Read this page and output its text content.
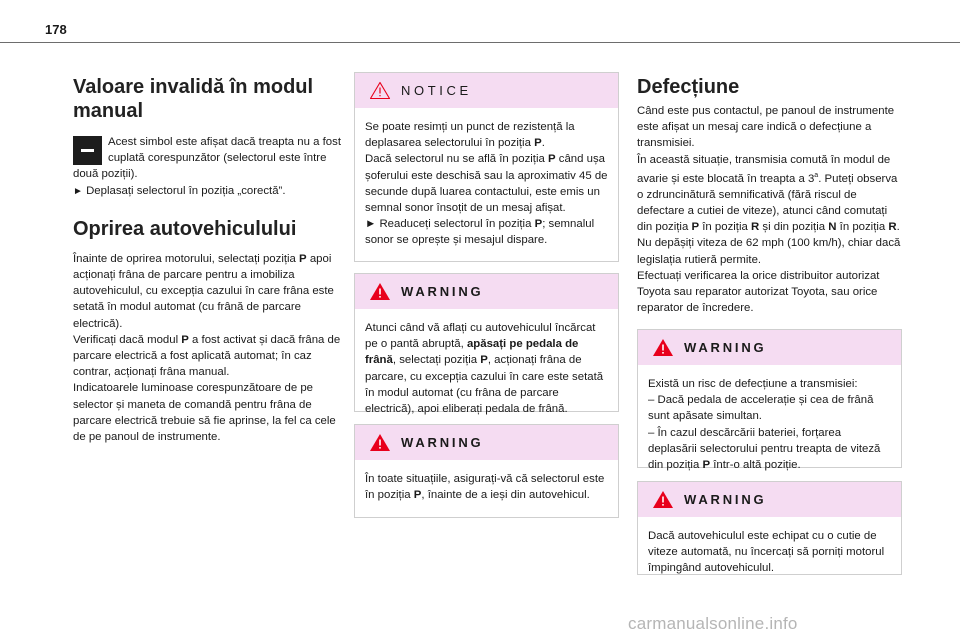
178
Valoare invalidă în modul manual
Acest simbol este afișat dacă treapta nu a fost cuplată corespunzător (selectorul este între două poziții).
► Deplasați selectorul în poziția „corectă”.
Oprirea autovehiculului

Înainte de oprirea motorului, selectați poziția P apoi acționați frâna de parcare pentru a imobiliza autovehiculul, cu excepția cazului în care frâna este setată în modul automat (cu frână de parcare electrică).
Verificați dacă modul P a fost activat și dacă frâna de parcare electrică a fost aplicată automat; în caz contrar, acționați frâna manual.
Indicatoarele luminoase corespunzătoare de pe selector și maneta de comandă pentru frâna de parcare electrică trebuie să fie aprinse, la fel ca cele de pe panoul de instrumente.

NOTICE
Se poate resimți un punct de rezistență la deplasarea selectorului în poziția P.
Dacă selectorul nu se află în poziția P când ușa șoferului este deschisă sau la aproximativ 45 de secunde după luarea contactului, este emis un semnal sonor însoțit de un mesaj afișat.
► Readuceți selectorul în poziția P; semnalul sonor se oprește și mesajul dispare.
WARNING
Atunci când vă aflați cu autovehiculul încărcat pe o pantă abruptă, apăsați pe pedala de frână, selectați poziția P, acționați frâna de parcare, cu excepția cazului în care este setată în modul automat (cu frâna de parcare electrică), apoi eliberați pedala de frână.
WARNING
În toate situațiile, asigurați-vă că selectorul este în poziția P, înainte de a ieși din autovehicul.
Defecțiune

Când este pus contactul, pe panoul de instrumente este afișat un mesaj care indică o defecțiune a transmisiei.
În această situație, transmisia comută în modul de avarie și este blocată în treapta a 3$^a$. Puteți observa o zdruncinătură semnificativă (fără riscul de defectare a cutiei de viteze), atunci când comutați din poziția P în poziția R și din poziția N în poziția R.
Nu depășiți viteza de 62 mph (100 km/h), chiar dacă legislația rutieră permite.
Efectuați verificarea la orice distribuitor autorizat Toyota sau reparator autorizat Toyota, sau orice reparator de încredere.

WARNING
Există un risc de defecțiune a transmisiei:
– Dacă pedala de accelerație și cea de frână sunt apăsate simultan.
– În cazul descărcării bateriei, forțarea deplasării selectorului pentru treapta de viteză din poziția P într-o altă poziție.
WARNING
Dacă autovehiculul este echipat cu o cutie de viteze automată, nu încercați să porniți motorul împingând autovehiculul.
carmanualsonline.info
